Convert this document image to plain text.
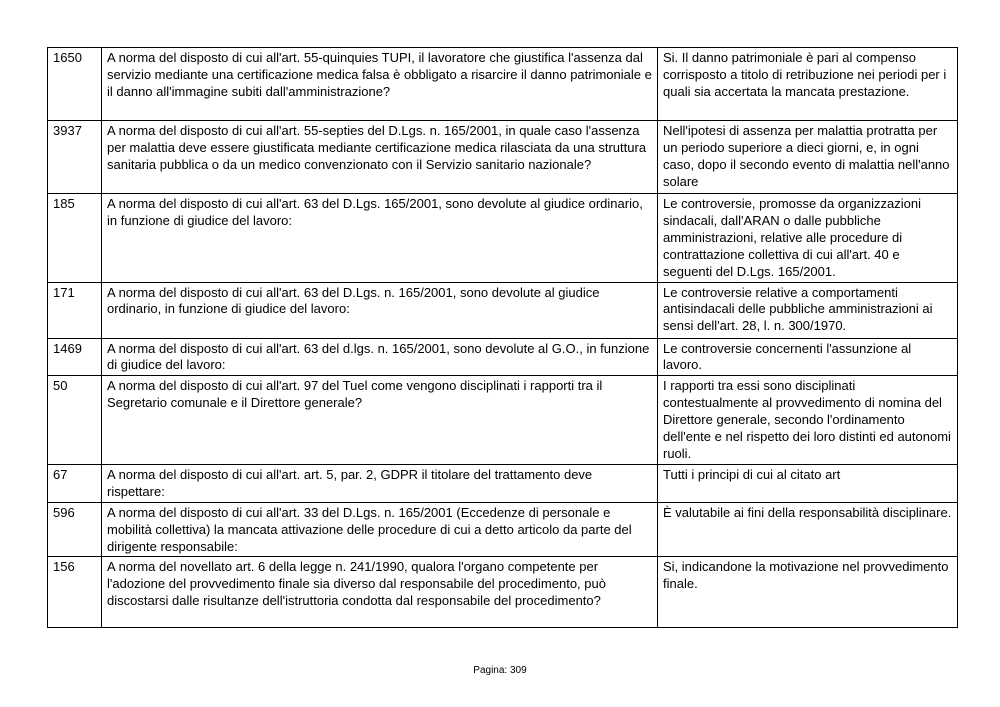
1650	A norma del disposto di cui all'art. 55-quinquies TUPI, il lavoratore che giustifica l'assenza dal servizio mediante una certificazione medica falsa è obbligato a risarcire il danno patrimoniale e il danno all'immagine subiti dall'amministrazione?	Si. Il danno patrimoniale è pari al compenso corrisposto a titolo di retribuzione nei periodi per i quali sia accertata la mancata prestazione.
3937	A norma del disposto di cui all'art. 55-septies del D.Lgs. n. 165/2001, in quale caso l'assenza per malattia deve essere giustificata mediante certificazione medica rilasciata da una struttura sanitaria pubblica o da un medico convenzionato con il Servizio sanitario nazionale?	Nell'ipotesi di assenza per malattia protratta per un periodo superiore a dieci giorni, e, in ogni caso, dopo il secondo evento di malattia nell'anno solare
185	A norma del disposto di cui all'art. 63 del D.Lgs. 165/2001, sono devolute al giudice ordinario, in funzione di giudice del lavoro:	Le controversie, promosse da organizzazioni sindacali, dall'ARAN o dalle pubbliche amministrazioni, relative alle procedure di contrattazione collettiva di cui all'art. 40 e seguenti del D.Lgs. 165/2001.
171	A norma del disposto di cui all'art. 63 del D.Lgs. n. 165/2001, sono devolute al giudice ordinario, in funzione di giudice del lavoro:	Le controversie relative a comportamenti antisindacali delle pubbliche amministrazioni ai sensi dell'art. 28, l. n. 300/1970.
1469	A norma del disposto di cui all'art. 63 del d.lgs. n. 165/2001, sono devolute al G.O., in funzione di giudice del lavoro:	Le controversie concernenti l'assunzione al lavoro.
50	A norma del disposto di cui all'art. 97 del Tuel come vengono disciplinati i rapporti tra il Segretario comunale e il Direttore generale?	I rapporti tra essi sono disciplinati contestualmente al provvedimento di nomina del Direttore generale, secondo l'ordinamento dell'ente e nel rispetto dei loro distinti ed autonomi ruoli.
67	A norma del disposto di cui all'art. art. 5, par. 2, GDPR il titolare del trattamento deve rispettare:	Tutti i principi di cui al citato art
596	A norma del disposto di cui all'art. 33 del D.Lgs. n. 165/2001 (Eccedenze di personale e mobilità collettiva) la mancata attivazione delle procedure di cui a detto articolo da parte del dirigente responsabile:	È valutabile ai fini della responsabilità disciplinare.
156	A norma del novellato art. 6 della legge n. 241/1990, qualora l'organo competente per l'adozione del provvedimento finale sia diverso dal responsabile del procedimento, può discostarsi dalle risultanze dell'istruttoria condotta dal responsabile del procedimento?	Si, indicandone la motivazione nel provvedimento finale.
Pagina: 309
